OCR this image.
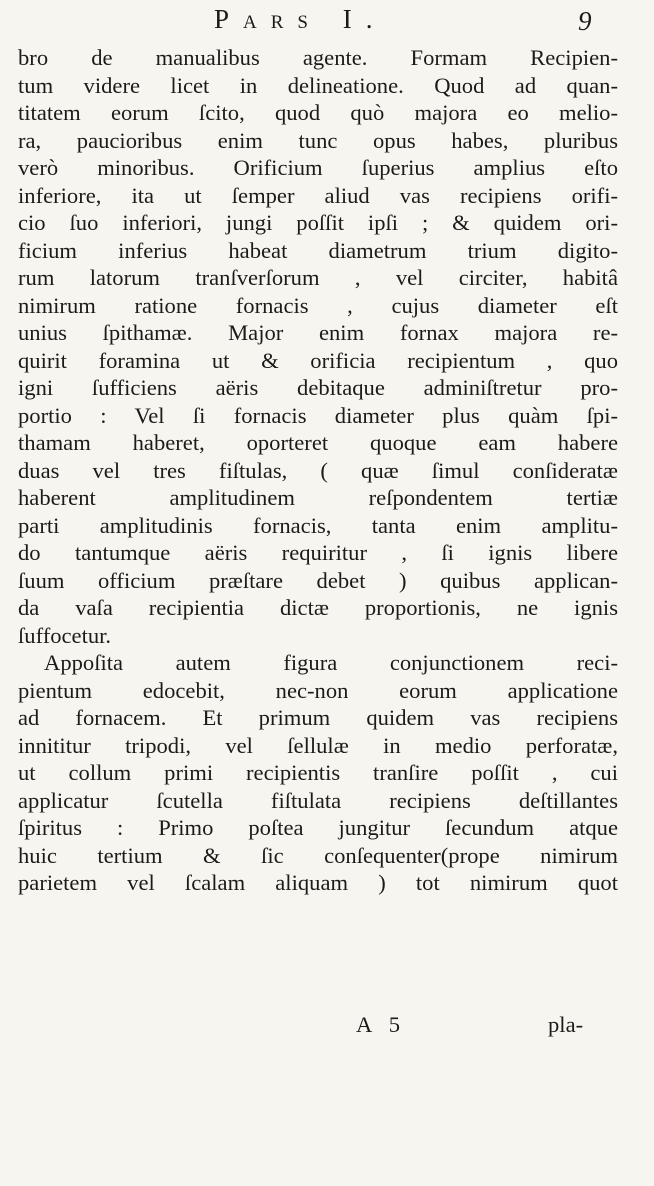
Pars I.	9
bro de manualibus agente. Formam Recipien-
tum videre licet in delineatione. Quod ad quan-
titatem eorum ſcito, quod quò majora eo melio-
ra, paucioribus enim tunc opus habes, pluribus
verò minoribus. Orificium ſuperius amplius eſto
inferiore, ita ut ſemper aliud vas recipiens orifi-
cio ſuo inferiori, jungi poſſit ipſi ; & quidem ori-
ficium inferius habeat diametrum trium digito-
rum latorum tranſverſorum , vel circiter, habitâ
nimirum ratione fornacis , cujus diameter eſt
unius ſpithamæ. Major enim fornax majora re-
quirit foramina ut & orificia recipientum , quo
igni ſufficiens aëris debitaque adminiſtretur pro-
portio : Vel ſi fornacis diameter plus quàm ſpi-
thamam haberet, oporteret quoque eam habere
duas vel tres fiſtulas, ( quæ ſimul conſideratæ
haberent amplitudinem reſpondentem tertiæ
parti amplitudinis fornacis, tanta enim amplitu-
do tantumque aëris requiritur , ſi ignis libere
ſuum officium præſtare debet ) quibus applican-
da vaſa recipientia dictæ proportionis, ne ignis
ſuffocetur.
Appoſita autem figura conjunctionem reci-
pientum edocebit, nec-non eorum applicatione
ad fornacem. Et primum quidem vas recipiens
innititur tripodi, vel ſellulæ in medio perforatæ,
ut collum primi recipientis tranſire poſſit , cui
applicatur ſcutella fiſtulata recipiens deſtillantes
ſpiritus : Primo poſtea jungitur ſecundum atque
huic tertium & ſic conſequenter(prope nimirum
parietem vel ſcalam aliquam ) tot nimirum quot
A 5	pla-
